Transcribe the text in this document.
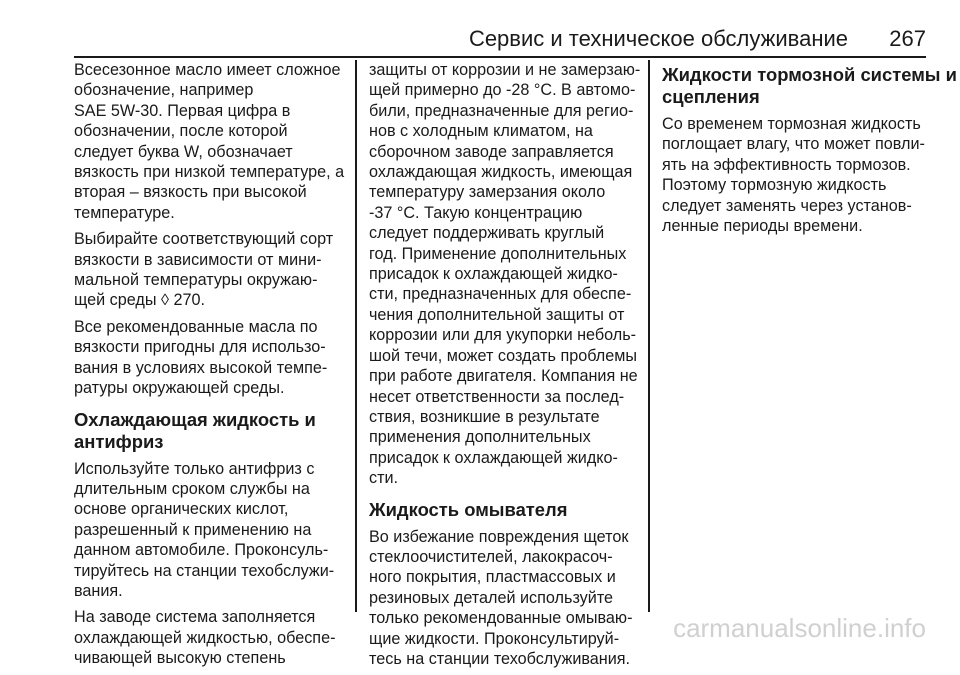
Сервис и техническое обслуживание 267

Всесезонное масло имеет сложное
обозначение, например
SAE 5W-30. Первая цифра в
обозначении, после которой
следует буква W, обозначает
вязкость при низкой температуре, а
вторая – вязкость при высокой
температуре.

Выбирайте соответствующий сорт
вязкости в зависимости от мини-
мальной температуры окружаю-
щей среды ◊ 270.

Все рекомендованные масла по
вязкости пригодны для использо-
вания в условиях высокой темпе-
ратуры окружающей среды.

Охлаждающая жидкость и
антифриз

Используйте только антифриз с
длительным сроком службы на
основе органических кислот,
разрешенный к применению на
данном автомобиле. Проконсуль-
тируйтесь на станции техобслужи-
вания.

На заводе система заполняется
охлаждающей жидкостью, обеспе-
чивающей высокую степень

защиты от коррозии и не замерзаю-
щей примерно до -28 °C. В автомо-
били, предназначенные для регио-
нов с холодным климатом, на
сборочном заводе заправляется
охлаждающая жидкость, имеющая
температуру замерзания около
-37 °C. Такую концентрацию
следует поддерживать круглый
год. Применение дополнительных
присадок к охлаждающей жидко-
сти, предназначенных для обеспе-
чения дополнительной защиты от
коррозии или для укупорки неболь-
шой течи, может создать проблемы
при работе двигателя. Компания не
несет ответственности за послед-
ствия, возникшие в результате
применения дополнительных
присадок к охлаждающей жидко-
сти.

Жидкость омывателя

Во избежание повреждения щеток
стеклоочистителей, лакокрасоч-
ного покрытия, пластмассовых и
резиновых деталей используйте
только рекомендованные омываю-
щие жидкости. Проконсультируй-
тесь на станции техобслуживания.

Жидкости тормозной системы и
сцепления

Со временем тормозная жидкость
поглощает влагу, что может повли-
ять на эффективность тормозов.
Поэтому тормозную жидкость
следует заменять через установ-
ленные периоды времени.

carmanualsonline.info
